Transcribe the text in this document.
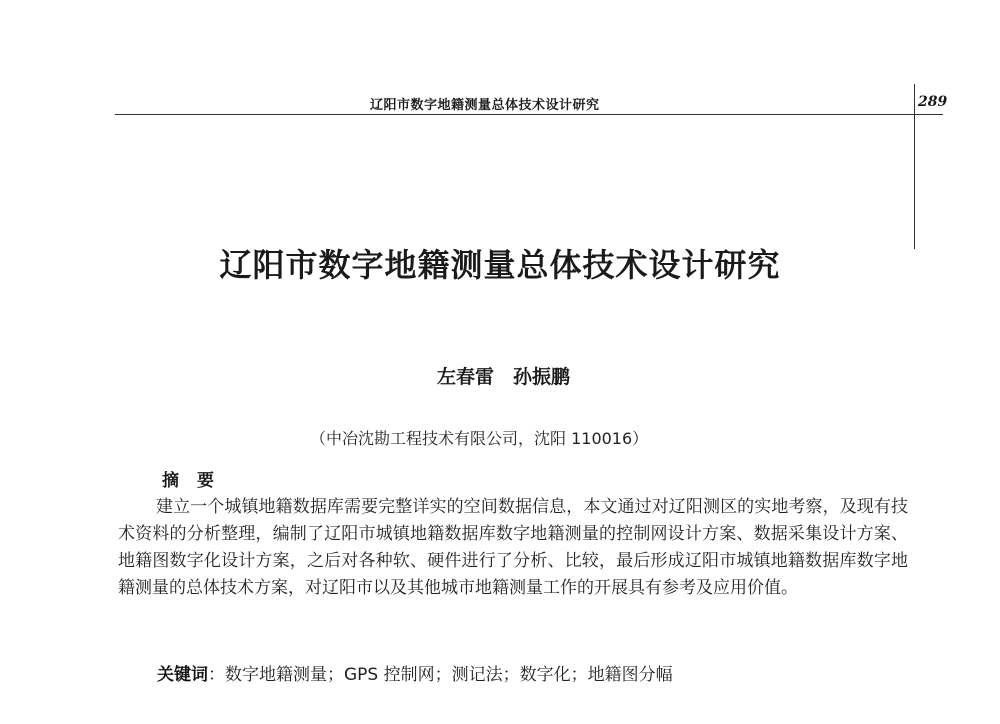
辽阳市数字地籍测量总体技术设计研究	289
辽阳市数字地籍测量总体技术设计研究
左春雷　孙振鹏
（中冶沈勘工程技术有限公司，沈阳 110016）
摘要
建立一个城镇地籍数据库需要完整详实的空间数据信息，本文通过对辽阳测区的实地考察，及现有技术资料的分析整理，编制了辽阳市城镇地籍数据库数字地籍测量的控制网设计方案、数据采集设计方案、地籍图数字化设计方案，之后对各种软、硬件进行了分析、比较，最后形成辽阳市城镇地籍数据库数字地籍测量的总体技术方案，对辽阳市以及其他城市地籍测量工作的开展具有参考及应用价值。
关键词：数字地籍测量；GPS 控制网；测记法；数字化；地籍图分幅
